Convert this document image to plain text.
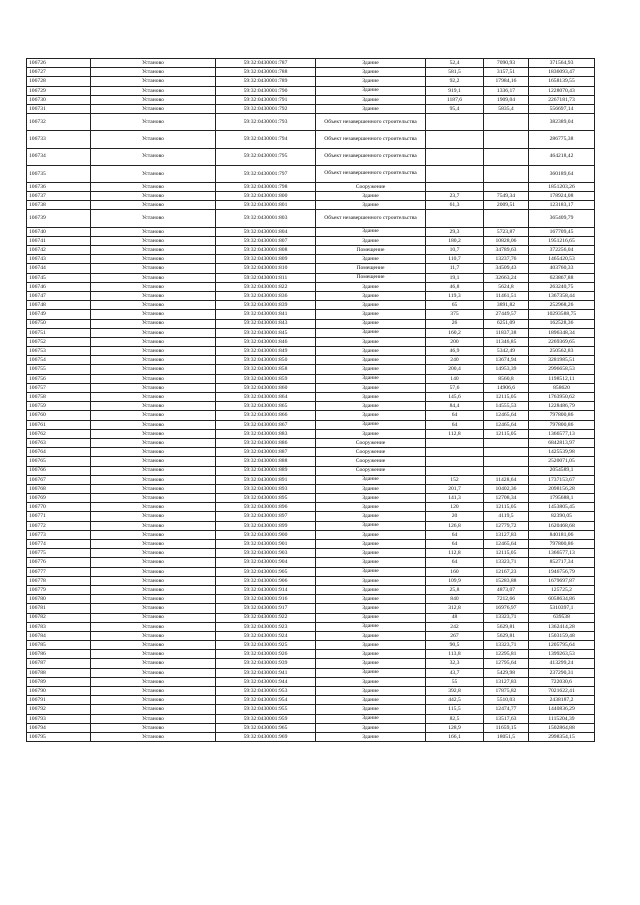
106726	Установо	59:32:0430001:787	Здание	52,4	7090,93	371564,93
106727	Установо	59:32:0430001:788	Здание	581,5	3157,51	1836093,47
106728	Установо	59:32:0430001:789	Здание	92,2	17984,16	1658139,55
106729	Установо	59:32:0430001:790	Здание	919,1	1336,17	1228070,43
106730	Установо	59:32:0430001:791	Здание	1187,6	1909,04	2267181,73
106731	Установо	59:32:0430001:792	Здание	95,4	5835,4	556697,14
106732	Установо	59:32:0430001:793	Объект незавершенного строительства			382389,04
106733	Установо	59:32:0430001:794	Объект незавершенного строительства			286775,38
106734	Установо	59:32:0430001:795	Объект незавершенного строительства			464218,42
106735	Установо	59:32:0430001:797	Объект незавершенного строительства			360189,64
106736	Установо	59:32:0430001:798	Сооружение			1851203,26
106737	Установо	59:32:0430001:800	Здание	23,7	7549,34	178924,08
106738	Установо	59:32:0430001:801	Здание	61,3	2009,51	123183,17
106739	Установо	59:32:0430001:803	Объект незавершенного строительства			365409,79
106740	Установо	59:32:0430001:804	Здание	29,3	5723,87	167709,45
106741	Установо	59:32:0430001:807	Здание	180,2	10828,06	1951216,65
106742	Установо	59:32:0430001:808	Помещение	10,7	34789,63	372256,04
106743	Установо	59:32:0430001:809	Здание	110,7	13237,76	1465420,53
106744	Установо	59:32:0430001:810	Помещение	11,7	34509,43	403760,33
106745	Установо	59:32:0430001:811	Помещение	19,1	32663,24	623867,88
106746	Установо	59:32:0430001:822	Здание	46,8	5624,8	263240,75
106747	Установо	59:32:0430001:836	Здание	119,3	11461,51	1367358,44
106748	Установо	59:32:0430001:839	Здание	65	3891,82	252968,26
106749	Установо	59:32:0430001:841	Здание	375	27449,57	10293588,75
106750	Установо	59:32:0430001:843	Здание	26	6251,09	162528,36
106751	Установо	59:32:0430001:845	Здание	160,2	11837,38	1896348,34
106752	Установо	59:32:0430001:846	Здание	200	11346,85	2269369,65
106753	Установо	59:32:0430001:849	Здание	46,9	5342,49	250562,83
106754	Установо	59:32:0430001:850	Здание	240	13674,94	3281985,51
106755	Установо	59:32:0430001:858	Здание	200,4	14953,39	2996658,53
106756	Установо	59:32:0430001:859	Здание	140	8560,8	1198512,11
106757	Установо	59:32:0430001:860	Здание	57,6	14906,6	858620
106758	Установо	59:32:0430001:864	Здание	145,6	12115,05	1763950,62
106759	Установо	59:32:0430001:865	Здание	84,4	14555,53	1228486,79
106760	Установо	59:32:0430001:866	Здание	64	12465,64	797800,86
106761	Установо	59:32:0430001:867	Здание	64	12465,64	797800,86
106762	Установо	59:32:0430001:883	Здание	112,8	12115,05	1366577,13
106763	Установо	59:32:0430001:886	Сооружение			6842813,97
106764	Установо	59:32:0430001:887	Сооружение			1425539,98
106765	Установо	59:32:0430001:888	Сооружение			2520071,05
106766	Установо	59:32:0430001:889	Сооружение			2054589,1
106767	Установо	59:32:0430001:891	Здание	152	11428,64	1737153,67
106768	Установо	59:32:0430001:893	Здание	201,7	10402,36	2098156,28
106769	Установо	59:32:0430001:895	Здание	141,3	12708,34	1795688,1
106770	Установо	59:32:0430001:896	Здание	120	12115,05	1453805,45
106771	Установо	59:32:0430001:897	Здание	20	4119,5	82390,05
106772	Установо	59:32:0430001:899	Здание	126,8	12779,72	1620468,68
106773	Установо	59:32:0430001:900	Здание	64	13127,83	840181,06
106774	Установо	59:32:0430001:901	Здание	64	12465,64	797800,86
106775	Установо	59:32:0430001:903	Здание	112,8	12115,05	1366577,13
106776	Установо	59:32:0430001:904	Здание	64	13323,71	852717,34
106777	Установо	59:32:0430001:905	Здание	160	12167,23	1946756,79
106778	Установо	59:32:0430001:906	Здание	109,9	15283,88	1679697,87
106779	Установо	59:32:0430001:914	Здание	25,8	4873,07	125725,2
106780	Установо	59:32:0430001:916	Здание	840	7212,66	6058634,86
106781	Установо	59:32:0430001:917	Здание	312,8	16976,97	5310397,1
106782	Установо	59:32:0430001:922	Здание	48	13323,71	639538
106783	Установо	59:32:0430001:923	Здание	242	5629,81	1362414,28
106784	Установо	59:32:0430001:924	Здание	267	5629,81	1503159,48
106785	Установо	59:32:0430001:925	Здание	90,5	13323,71	1205795,64
106786	Установо	59:32:0430001:926	Здание	113,8	12295,81	1399263,53
106787	Установо	59:32:0430001:939	Здание	32,3	12795,64	413299,24
106788	Установо	59:32:0430001:941	Здание	43,7	5429,98	237290,31
106789	Установо	59:32:0430001:944	Здание	55	13127,83	722030,6
106790	Установо	59:32:0430001:953	Здание	392,8	17875,82	7021622,41
106791	Установо	59:32:0430001:954	Здание	442,5	5510,03	2438187,2
106792	Установо	59:32:0430001:955	Здание	115,5	12474,77	1440836,29
106793	Установо	59:32:0430001:959	Здание	82,5	13517,63	1115204,39
106794	Установо	59:32:0430001:965	Здание	128,9	11659,15	1502864,88
106795	Установо	59:32:0430001:969	Здание	166,1	18051,5	2998354,15
